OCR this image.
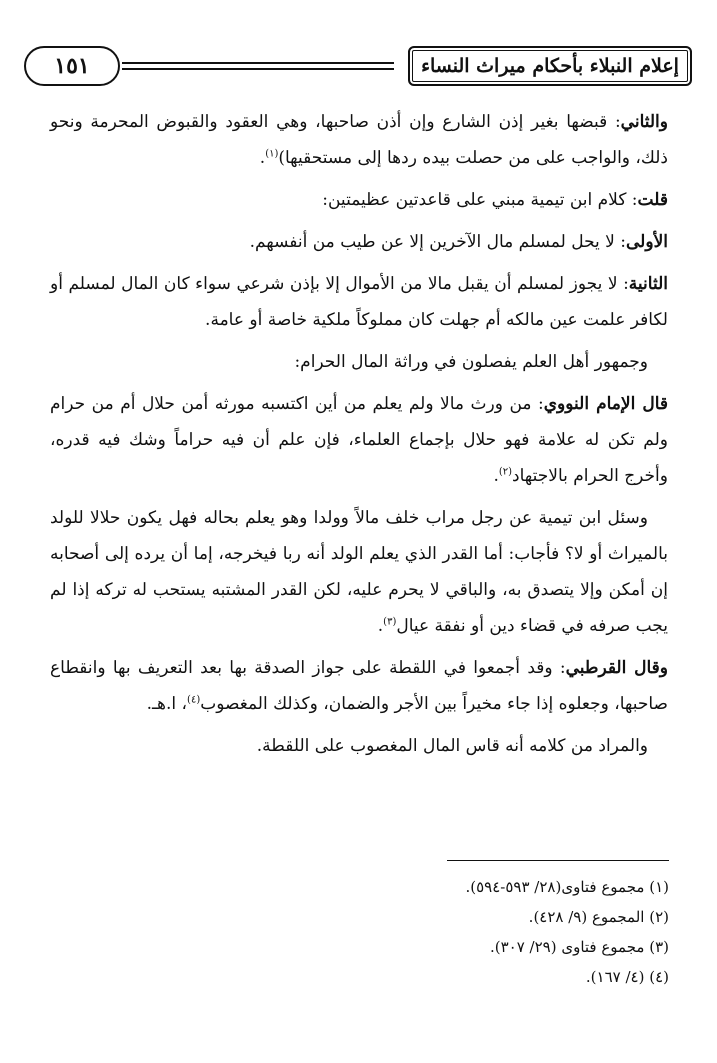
١٥١	إعلام النبلاء بأحكام ميراث النساء

والثاني: قبضها بغير إذن الشارع وإن أذن صاحبها، وهي العقود والقبوض المحرمة ونحو ذلك، والواجب على من حصلت بيده ردها إلى مستحقيها)$^{(١)}$.

قلت: كلام ابن تيمية مبني على قاعدتين عظيمتين:

الأولى: لا يحل لمسلم مال الآخرين إلا عن طيب من أنفسهم.

الثانية: لا يجوز لمسلم أن يقبل مالا من الأموال إلا بإذن شرعي سواء كان المال لمسلم أو لكافر علمت عين مالكه أم جهلت كان مملوكاً ملكية خاصة أو عامة.

وجمهور أهل العلم يفصلون في وراثة المال الحرام:

قال الإمام النووي: من ورث مالا ولم يعلم من أين اكتسبه مورثه أمن حلال أم من حرام ولم تكن له علامة فهو حلال بإجماع العلماء، فإن علم أن فيه حراماً وشك فيه قدره، وأخرج الحرام بالاجتهاد$^{(٢)}$.

وسئل ابن تيمية عن رجل مراب خلف مالاً وولدا وهو يعلم بحاله فهل يكون حلالا للولد بالميراث أو لا؟ فأجاب: أما القدر الذي يعلم الولد أنه ربا فيخرجه، إما أن يرده إلى أصحابه إن أمكن وإلا يتصدق به، والباقي لا يحرم عليه، لكن القدر المشتبه يستحب له تركه إذا لم يجب صرفه في قضاء دين أو نفقة عيال$^{(٣)}$.

وقال القرطبي: وقد أجمعوا في اللقطة على جواز الصدقة بها بعد التعريف بها وانقطاع صاحبها، وجعلوه إذا جاء مخيراً بين الأجر والضمان، وكذلك المغصوب$^{(٤)}$، ا.هـ.

والمراد من كلامه أنه قاس المال المغصوب على اللقطة.

(١) مجموع فتاوى(٢٨/ ٥٩٣-٥٩٤).
(٢) المجموع (٩/ ٤٢٨).
(٣) مجموع فتاوى (٢٩/ ٣٠٧).
(٤) (٤/ ١٦٧).
